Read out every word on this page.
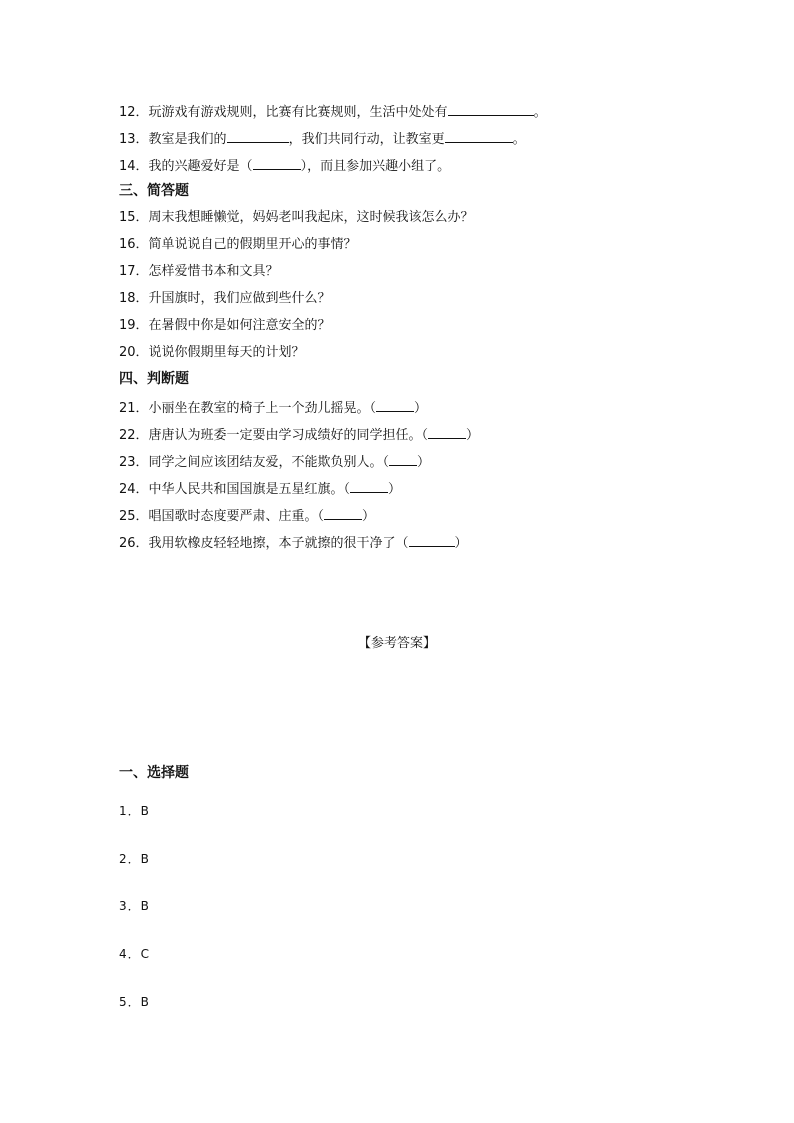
12．玩游戏有游戏规则，比赛有比赛规则，生活中处处有	。
13．教室是我们的	，我们共同行动，让教室更	。
14．我的兴趣爱好是（	），而且参加兴趣小组了。
三、简答题
15．周末我想睡懒觉，妈妈老叫我起床，这时候我该怎么办？
16．简单说说自己的假期里开心的事情？
17．怎样爱惜书本和文具？
18．升国旗时，我们应做到些什么？
19．在暑假中你是如何注意安全的？
20．说说你假期里每天的计划？
四、判断题
21．小丽坐在教室的椅子上一个劲儿摇晃。（	）
22．唐唐认为班委一定要由学习成绩好的同学担任。（	）
23．同学之间应该团结友爱，不能欺负别人。（ ）
24．中华人民共和国国旗是五星红旗。（	）
25．唱国歌时态度要严肃、庄重。（	）
26．我用软橡皮轻轻地擦，本子就擦的很干净了（	）
【参考答案】
一、选择题
1．B
2．B
3．B
4．C
5．B
